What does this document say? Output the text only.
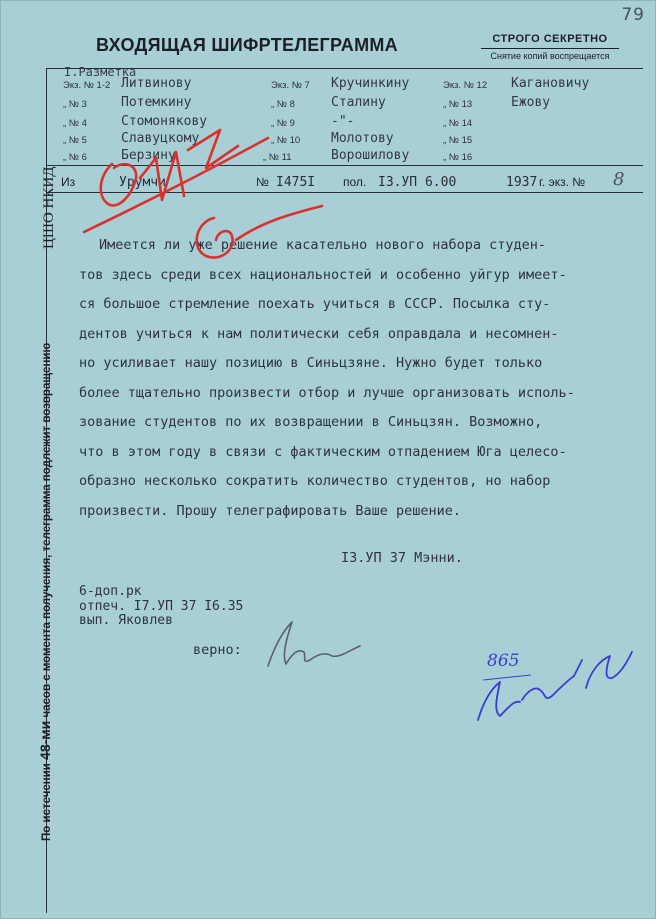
79
ВХОДЯЩАЯ ШИФРТЕЛЕГРАММА	СТРОГО СЕКРЕТНО
Снятие копий воспрещается
По истечении 48-ми часов с момента получения, телеграмма подлежит возвращению
ЦШО НКИД
I.Разметка
Экз. № 1-2 Литвинову	Экз. № 7 Кручинкину	Экз. № 12 Кагановичу
„ № 3	Потемкину	„ № 8	Сталину	„ № 13	Ежову
„ № 4	Стомонякову	„ № 9	-"-	„ № 14
„ № 5	Славуцкому	„ № 10 Молотову	„ № 15
„ № 6	Берзину	„ № 11	Ворошилову	„ № 16
Из	Урумчи	№ I475I пол. I3.УП 6.00	1937 г. экз. № 8
Имеется ли уже решение касательно нового набора студен-
тов здесь среди всех национальностей и особенно уйгур имеет-
ся большое стремление поехать учиться в СССР. Посылка сту-
дентов учиться к нам политически себя оправдала и несомнен-
но усиливает нашу позицию в Синьцзяне. Нужно будет только
более тщательно произвести отбор и лучше организовать исполь-
зование студентов по их возвращении в Синьцзян. Возможно,
что в этом году в связи с фактическим отпадением Юга целесо-
образно несколько сократить количество студентов, но набор
произвести. Прошу телеграфировать Ваше решение.
I3.УП 37 Мэнни.
6-доп.рк
отпеч. I7.УП 37 I6.35
вып. Яковлев
верно:
865
